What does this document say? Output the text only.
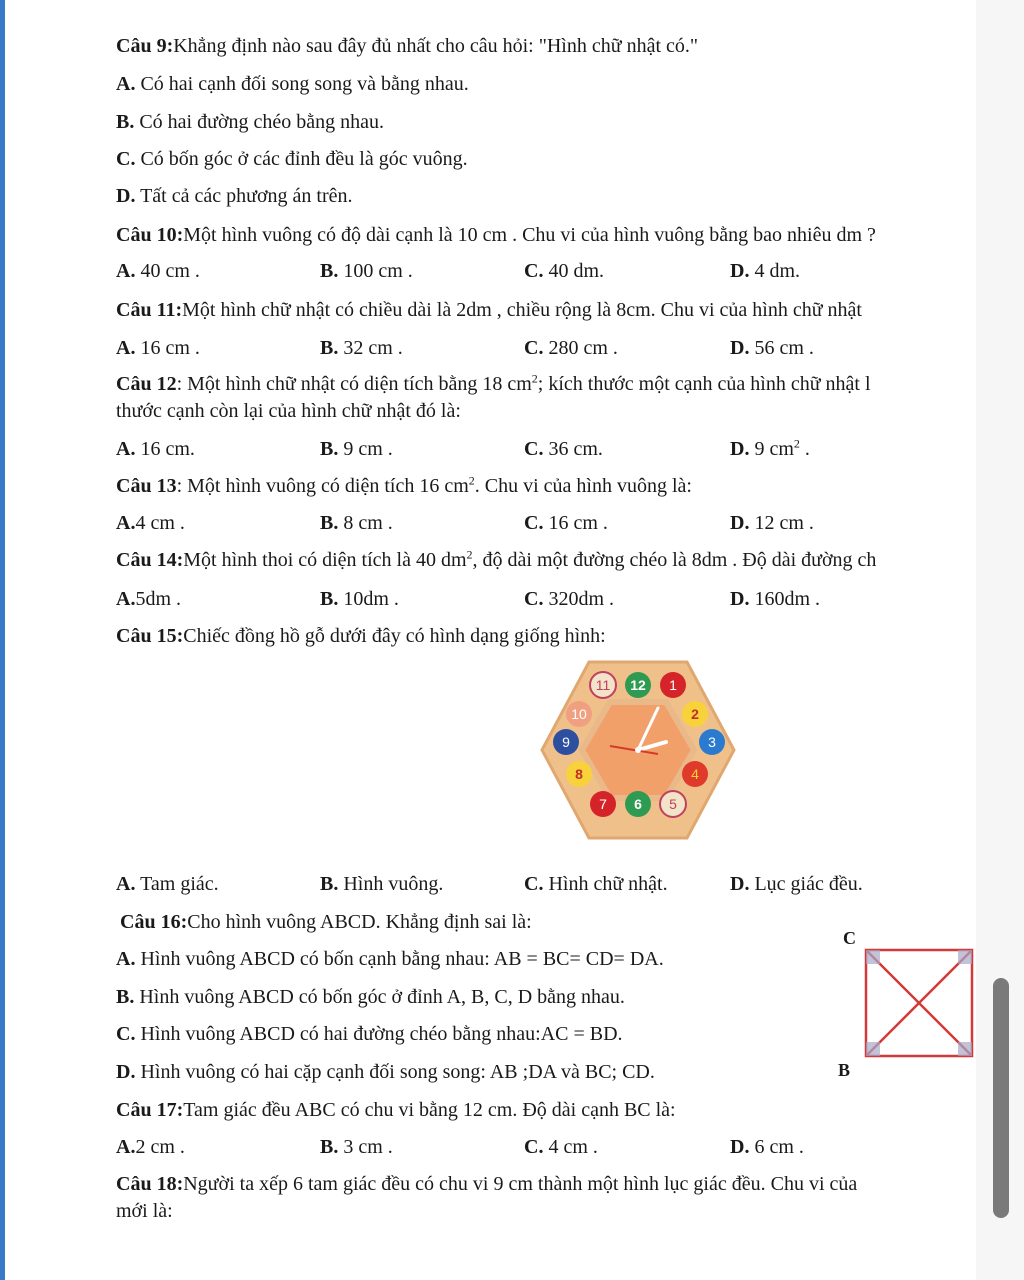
Câu 9:Khẳng định nào sau đây đủ nhất cho câu hỏi: "Hình chữ nhật có."
A. Có hai cạnh đối song song và bằng nhau.
B. Có hai đường chéo bằng nhau.
C. Có bốn góc ở các đỉnh đều là góc vuông.
D. Tất cả các phương án trên.
Câu 10:Một hình vuông có độ dài cạnh là 10 cm . Chu vi của hình vuông bằng bao nhiêu dm ?
A. 40 cm .	B. 100 cm .	C. 40 dm.	D. 4 dm.
Câu 11:Một hình chữ nhật có chiều dài là 2dm , chiều rộng là 8cm. Chu vi của hình chữ nhật
A. 16 cm .	B. 32 cm .	C. 280 cm .	D. 56 cm .
Câu 12: Một hình chữ nhật có diện tích bằng 18 $cm^2$; kích thước một cạnh của hình chữ nhật l
thước cạnh còn lại của hình chữ nhật đó là:
A. 16 cm.	B. 9 cm .	C. 36 cm.	D. 9 $cm^2$ .
Câu 13: Một hình vuông có diện tích 16 $cm^2$. Chu vi của hình vuông là:
A.4 cm .	B. 8 cm .	C. 16 cm .	D. 12 cm .
Câu 14:Một hình thoi có diện tích là 40 $dm^2$, độ dài một đường chéo là 8dm . Độ dài đường ch
A.5dm .	B. 10dm .	C. 320dm .	D. 160dm .
Câu 15:Chiếc đồng hồ gỗ dưới đây có hình dạng giống hình:
11 12 1
10	2
9	3
8	4
7 6 5
A. Tam giác.	B. Hình vuông.	C. Hình chữ nhật.	D. Lục giác đều.
Câu 16:Cho hình vuông ABCD. Khẳng định sai là:
A. Hình vuông ABCD có bốn cạnh bằng nhau: AB = BC= CD= DA.
B. Hình vuông ABCD có bốn góc ở đỉnh A, B, C, D bằng nhau.
C. Hình vuông ABCD có hai đường chéo bằng nhau:AC = BD.
D. Hình vuông có hai cặp cạnh đối song song: AB ;DA và BC; CD.
C
B
Câu 17:Tam giác đều ABC có chu vi bằng 12 cm. Độ dài cạnh BC là:
A.2 cm .	B. 3 cm .	C. 4 cm .	D. 6 cm .
Câu 18:Người ta xếp 6 tam giác đều có chu vi 9 cm thành một hình lục giác đều. Chu vi của
mới là:
